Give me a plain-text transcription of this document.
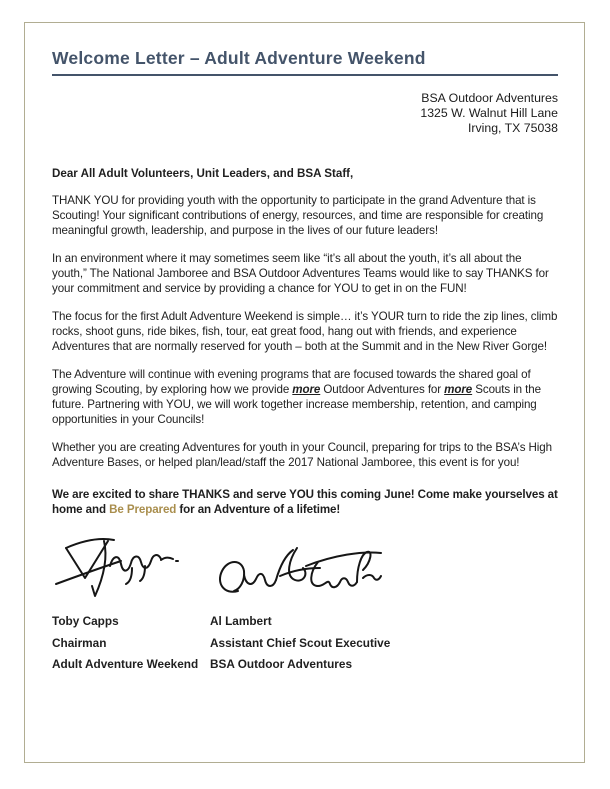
Welcome Letter – Adult Adventure Weekend
BSA Outdoor Adventures
1325 W. Walnut Hill Lane
Irving, TX 75038

Dear All Adult Volunteers, Unit Leaders, and BSA Staff,

THANK YOU for providing youth with the opportunity to participate in the grand Adventure that is Scouting! Your significant contributions of energy, resources, and time are responsible for creating meaningful growth, leadership, and purpose in the lives of our future leaders!

In an environment where it may sometimes seem like “it’s all about the youth, it’s all about the youth,” The National Jamboree and BSA Outdoor Adventures Teams would like to say THANKS for your commitment and service by providing a chance for YOU to get in on the FUN!

The focus for the first Adult Adventure Weekend is simple… it’s YOUR turn to ride the zip lines, climb rocks, shoot guns, ride bikes, fish, tour, eat great food, hang out with friends, and experience Adventures that are normally reserved for youth – both at the Summit and in the New River Gorge!

The Adventure will continue with evening programs that are focused towards the shared goal of growing Scouting, by exploring how we provide more Outdoor Adventures for more Scouts in the future. Partnering with YOU, we will work together increase membership, retention, and camping opportunities in your Councils!

Whether you are creating Adventures for youth in your Council, preparing for trips to the BSA’s High Adventure Bases, or helped plan/lead/staff the 2017 National Jamboree, this event is for you!

We are excited to share THANKS and serve YOU this coming June! Come make yourselves at home and Be Prepared for an Adventure of a lifetime!

Toby Capps
Chairman
Adult Adventure Weekend
Al Lambert
Assistant Chief Scout Executive
BSA Outdoor Adventures
